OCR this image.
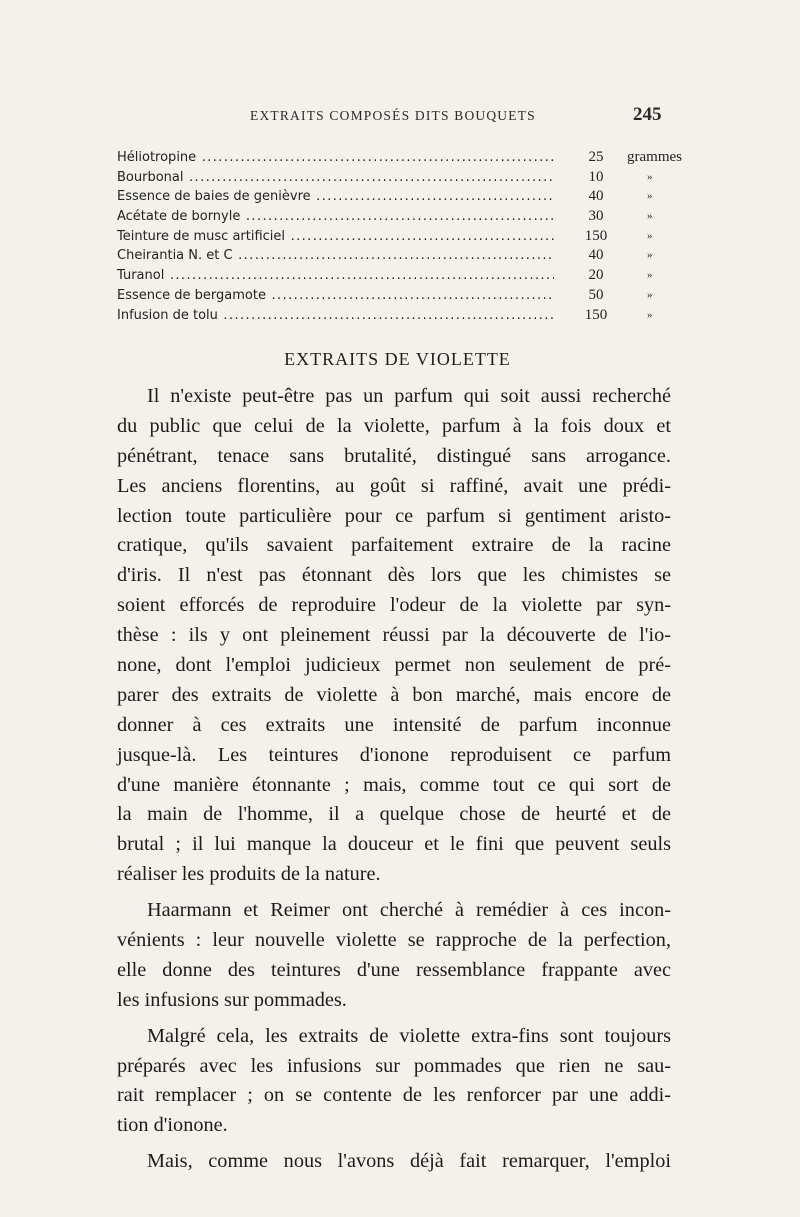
EXTRAITS COMPOSÉS DITS BOUQUETS	245
Héliotropine .....	25	grammes
Bourbonal .....	10	»
Essence de baies de genièvre .....	40	»
Acétate de bornyle .....	30	»
Teinture de musc artificiel .....	150	»
Cheirantia N. et C .....	40	»
Turanol .....	20	»
Essence de bergamote .....	50	»
Infusion de tolu .....	150	»
EXTRAITS DE VIOLETTE
Il n'existe peut-être pas un parfum qui soit aussi recherché
du public que celui de la violette, parfum à la fois doux et
pénétrant, tenace sans brutalité, distingué sans arrogance.
Les anciens florentins, au goût si raffiné, avait une prédi-
lection toute particulière pour ce parfum si gentiment aristo-
cratique, qu'ils savaient parfaitement extraire de la racine
d'iris. Il n'est pas étonnant dès lors que les chimistes se
soient efforcés de reproduire l'odeur de la violette par syn-
thèse : ils y ont pleinement réussi par la découverte de l'io-
none, dont l'emploi judicieux permet non seulement de pré-
parer des extraits de violette à bon marché, mais encore de
donner à ces extraits une intensité de parfum inconnue
jusque-là. Les teintures d'ionone reproduisent ce parfum
d'une manière étonnante ; mais, comme tout ce qui sort de
la main de l'homme, il a quelque chose de heurté et de
brutal ; il lui manque la douceur et le fini que peuvent seuls
réaliser les produits de la nature.
Haarmann et Reimer ont cherché à remédier à ces incon-
vénients : leur nouvelle violette se rapproche de la perfection,
elle donne des teintures d'une ressemblance frappante avec
les infusions sur pommades.
Malgré cela, les extraits de violette extra-fins sont toujours
préparés avec les infusions sur pommades que rien ne sau-
rait remplacer ; on se contente de les renforcer par une addi-
tion d'ionone.
Mais, comme nous l'avons déjà fait remarquer, l'emploi
